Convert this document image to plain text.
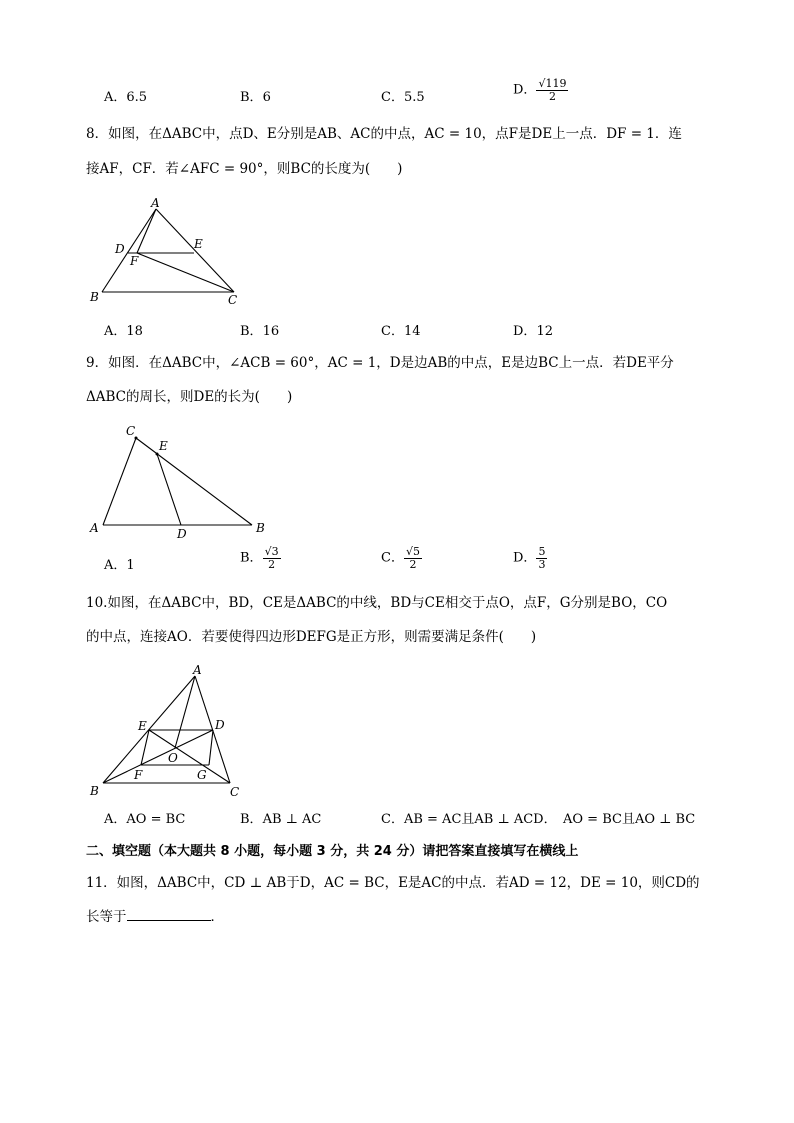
A．6.5	B．6	C．5.5	D． $\frac{√119}{2}$
8．如图，在ΔABC中，点D、E分别是AB、AC的中点，AC = 10，点F是DE上一点．DF = 1．连
接AF，CF．若∠AFC = 90°，则BC的长度为(　　)
A
D	E
F
B	C
A．18	B．16	C．14	D．12
9．如图．在ΔABC中，∠ACB = 60°，AC = 1，D是边AB的中点，E是边BC上一点．若DE平分
ΔABC的周长，则DE的长为(　　)
C
E
A	D	B
A．1	B． $\frac{√3}{2}$	C． $\frac{√5}{2}$	D． $\frac{5}{3}$
10.如图，在ΔABC中，BD，CE是ΔABC的中线，BD与CE相交于点O，点F，G分别是BO，CO
的中点，连接AO．若要使得四边形DEFG是正方形，则需要满足条件(　　)
A
E	D
O
F	G
B	C
A．AO = BC	B．AB ⊥ AC	C．AB = AC且AB ⊥ ACD． AO = BC且AO ⊥ BC
二、填空题（本大题共 8 小题，每小题 3 分，共 24 分）请把答案直接填写在横线上
11．如图，ΔABC中，CD ⊥ AB于D，AC = BC，E是AC的中点．若AD = 12，DE = 10，则CD的
长等于	．
